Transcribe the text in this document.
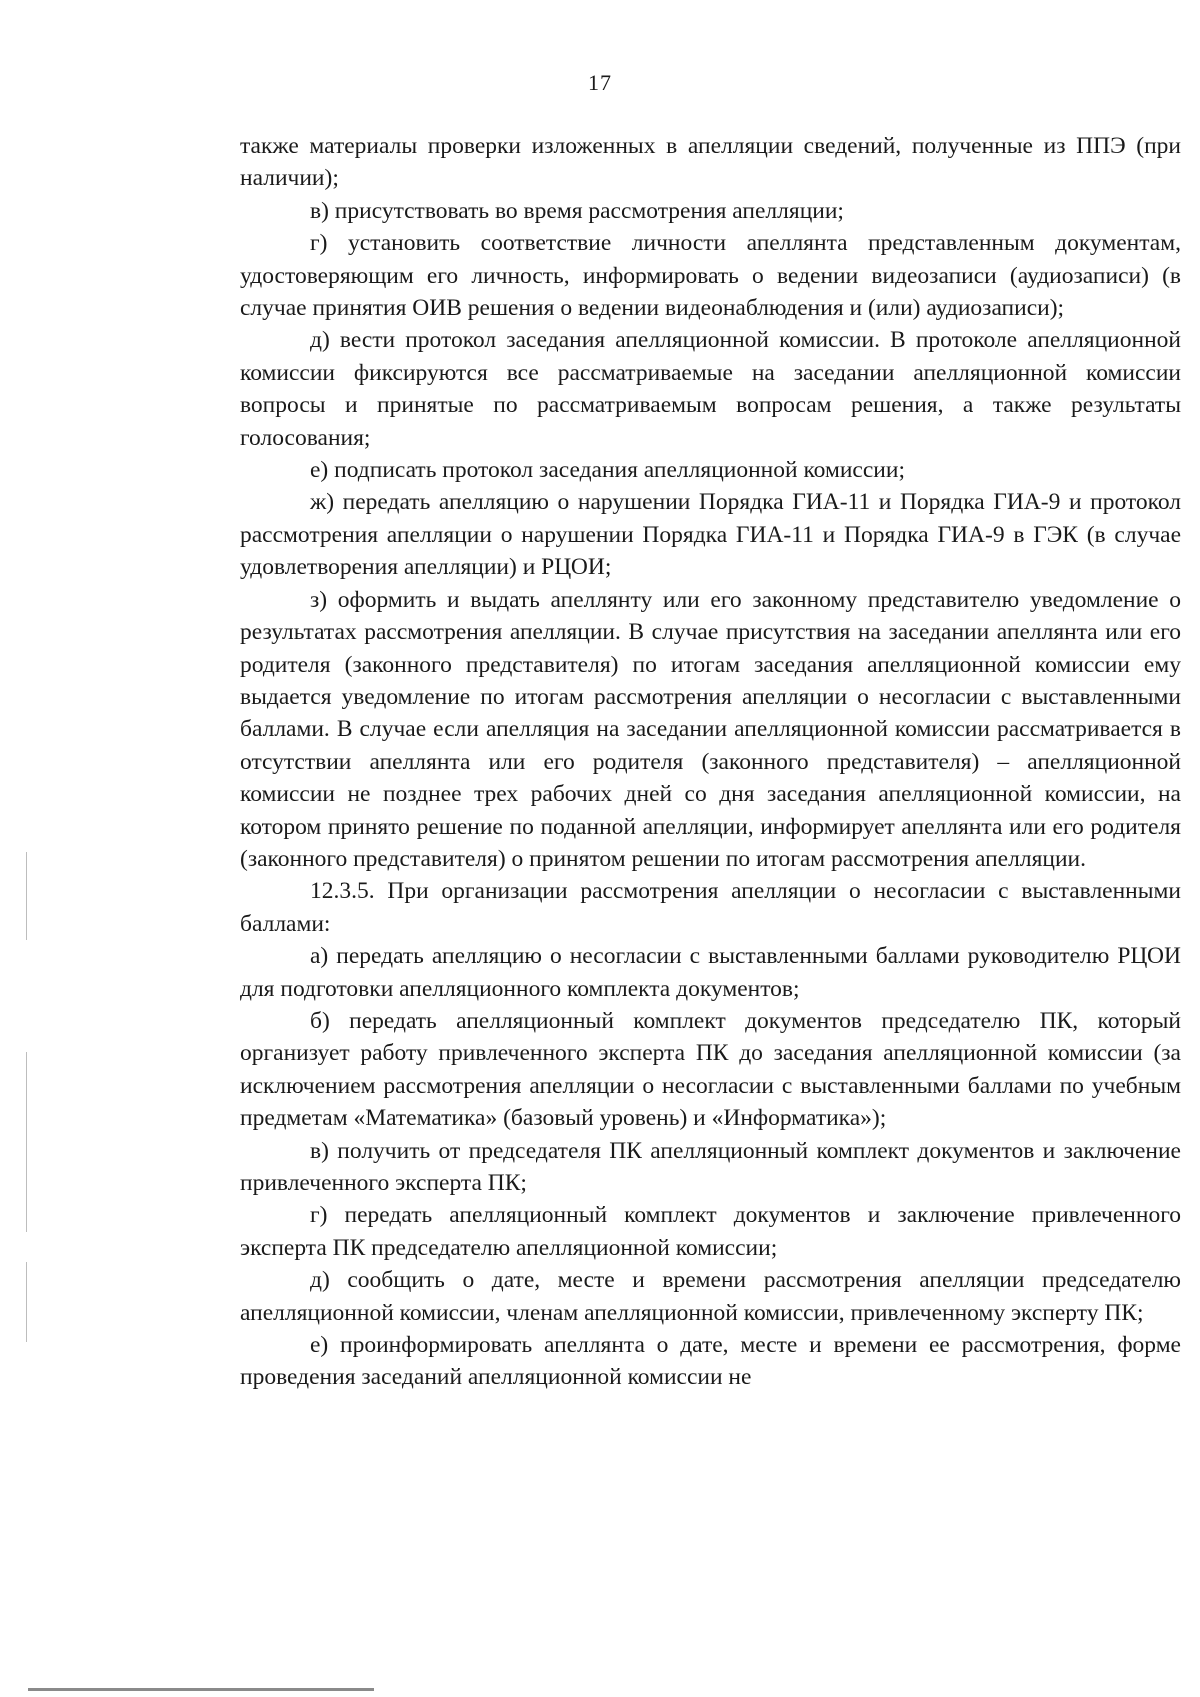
17

также материалы проверки изложенных в апелляции сведений, полученные из ППЭ (при наличии);

в) присутствовать во время рассмотрения апелляции;

г) установить соответствие личности апеллянта представленным документам, удостоверяющим его личность, информировать о ведении видеозаписи (аудиозаписи) (в случае принятия ОИВ решения о ведении видеонаблюдения и (или) аудиозаписи);

д) вести протокол заседания апелляционной комиссии. В протоколе апелляционной комиссии фиксируются все рассматриваемые на заседании апелляционной комиссии вопросы и принятые по рассматриваемым вопросам решения, а также результаты голосования;

е) подписать протокол заседания апелляционной комиссии;

ж) передать апелляцию о нарушении Порядка ГИА-11 и Порядка ГИА-9 и протокол рассмотрения апелляции о нарушении Порядка ГИА-11 и Порядка ГИА-9 в ГЭК (в случае удовлетворения апелляции) и РЦОИ;

з) оформить и выдать апеллянту или его законному представителю уведомление о результатах рассмотрения апелляции. В случае присутствия на заседании апеллянта или его родителя (законного представителя) по итогам заседания апелляционной комиссии ему выдается уведомление по итогам рассмотрения апелляции о несогласии с выставленными баллами. В случае если апелляция на заседании апелляционной комиссии рассматривается в отсутствии апеллянта или его родителя (законного представителя) – апелляционной комиссии не позднее трех рабочих дней со дня заседания апелляционной комиссии, на котором принято решение по поданной апелляции, информирует апеллянта или его родителя (законного представителя) о принятом решении по итогам рассмотрения апелляции.

12.3.5. При организации рассмотрения апелляции о несогласии с выставленными баллами:

а) передать апелляцию о несогласии с выставленными баллами руководителю РЦОИ для подготовки апелляционного комплекта документов;

б) передать апелляционный комплект документов председателю ПК, который организует работу привлеченного эксперта ПК до заседания апелляционной комиссии (за исключением рассмотрения апелляции о несогласии с выставленными баллами по учебным предметам «Математика» (базовый уровень) и «Информатика»);

в) получить от председателя ПК апелляционный комплект документов и заключение привлеченного эксперта ПК;

г) передать апелляционный комплект документов и заключение привлеченного эксперта ПК председателю апелляционной комиссии;

д) сообщить о дате, месте и времени рассмотрения апелляции председателю апелляционной комиссии, членам апелляционной комиссии, привлеченному эксперту ПК;

е) проинформировать апеллянта о дате, месте и времени ее рассмотрения, форме проведения заседаний апелляционной комиссии не
